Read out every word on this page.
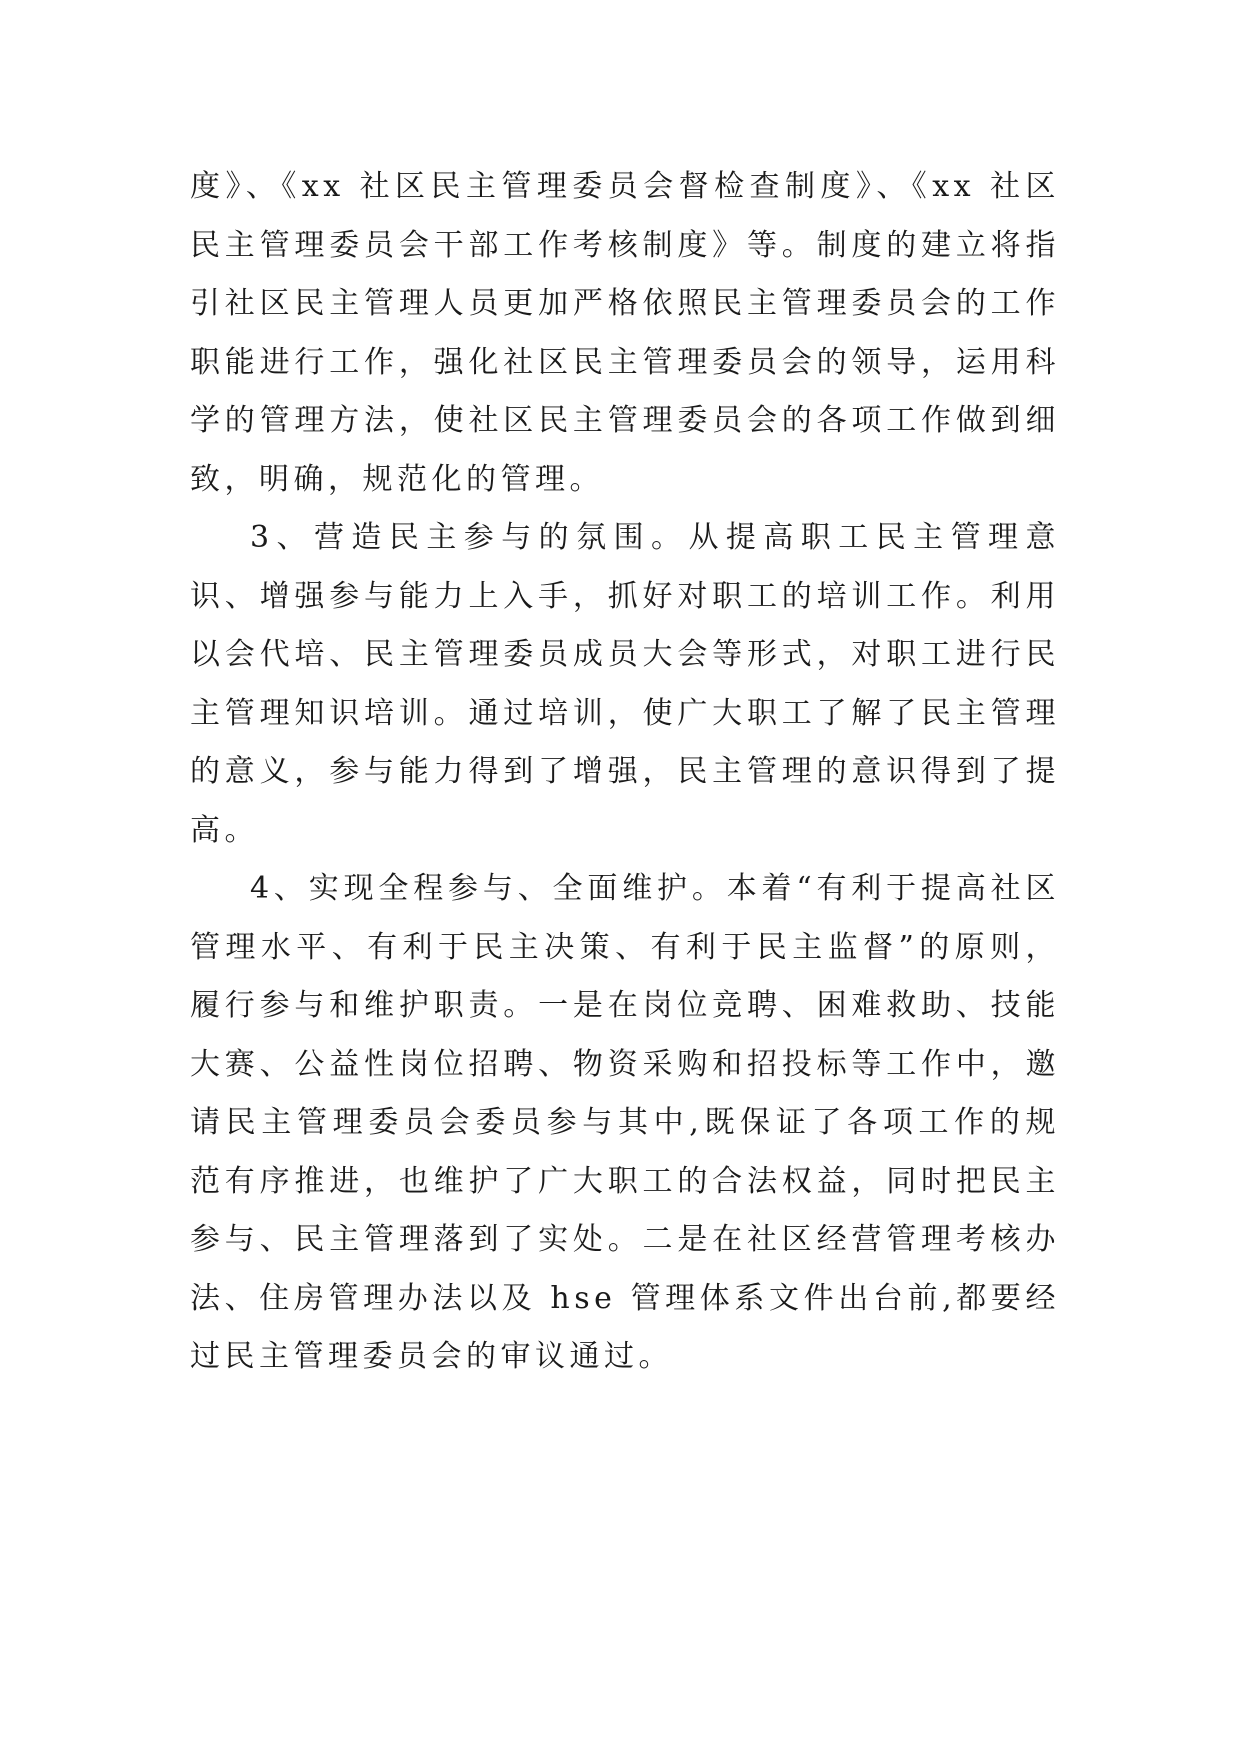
度》、《xx 社区民主管理委员会督检查制度》、《xx 社区民主管理委员会干部工作考核制度》等。制度的建立将指引社区民主管理人员更加严格依照民主管理委员会的工作职能进行工作，强化社区民主管理委员会的领导，运用科学的管理方法，使社区民主管理委员会的各项工作做到细致，明确，规范化的管理。

3、营造民主参与的氛围。从提高职工民主管理意识、增强参与能力上入手，抓好对职工的培训工作。利用以会代培、民主管理委员成员大会等形式，对职工进行民主管理知识培训。通过培训，使广大职工了解了民主管理的意义，参与能力得到了增强，民主管理的意识得到了提高。

4、实现全程参与、全面维护。本着“有利于提高社区管理水平、有利于民主决策、有利于民主监督”的原则，履行参与和维护职责。一是在岗位竞聘、困难救助、技能大赛、公益性岗位招聘、物资采购和招投标等工作中，邀请民主管理委员会委员参与其中,既保证了各项工作的规范有序推进，也维护了广大职工的合法权益，同时把民主参与、民主管理落到了实处。二是在社区经营管理考核办法、住房管理办法以及 hse 管理体系文件出台前,都要经过民主管理委员会的审议通过。
